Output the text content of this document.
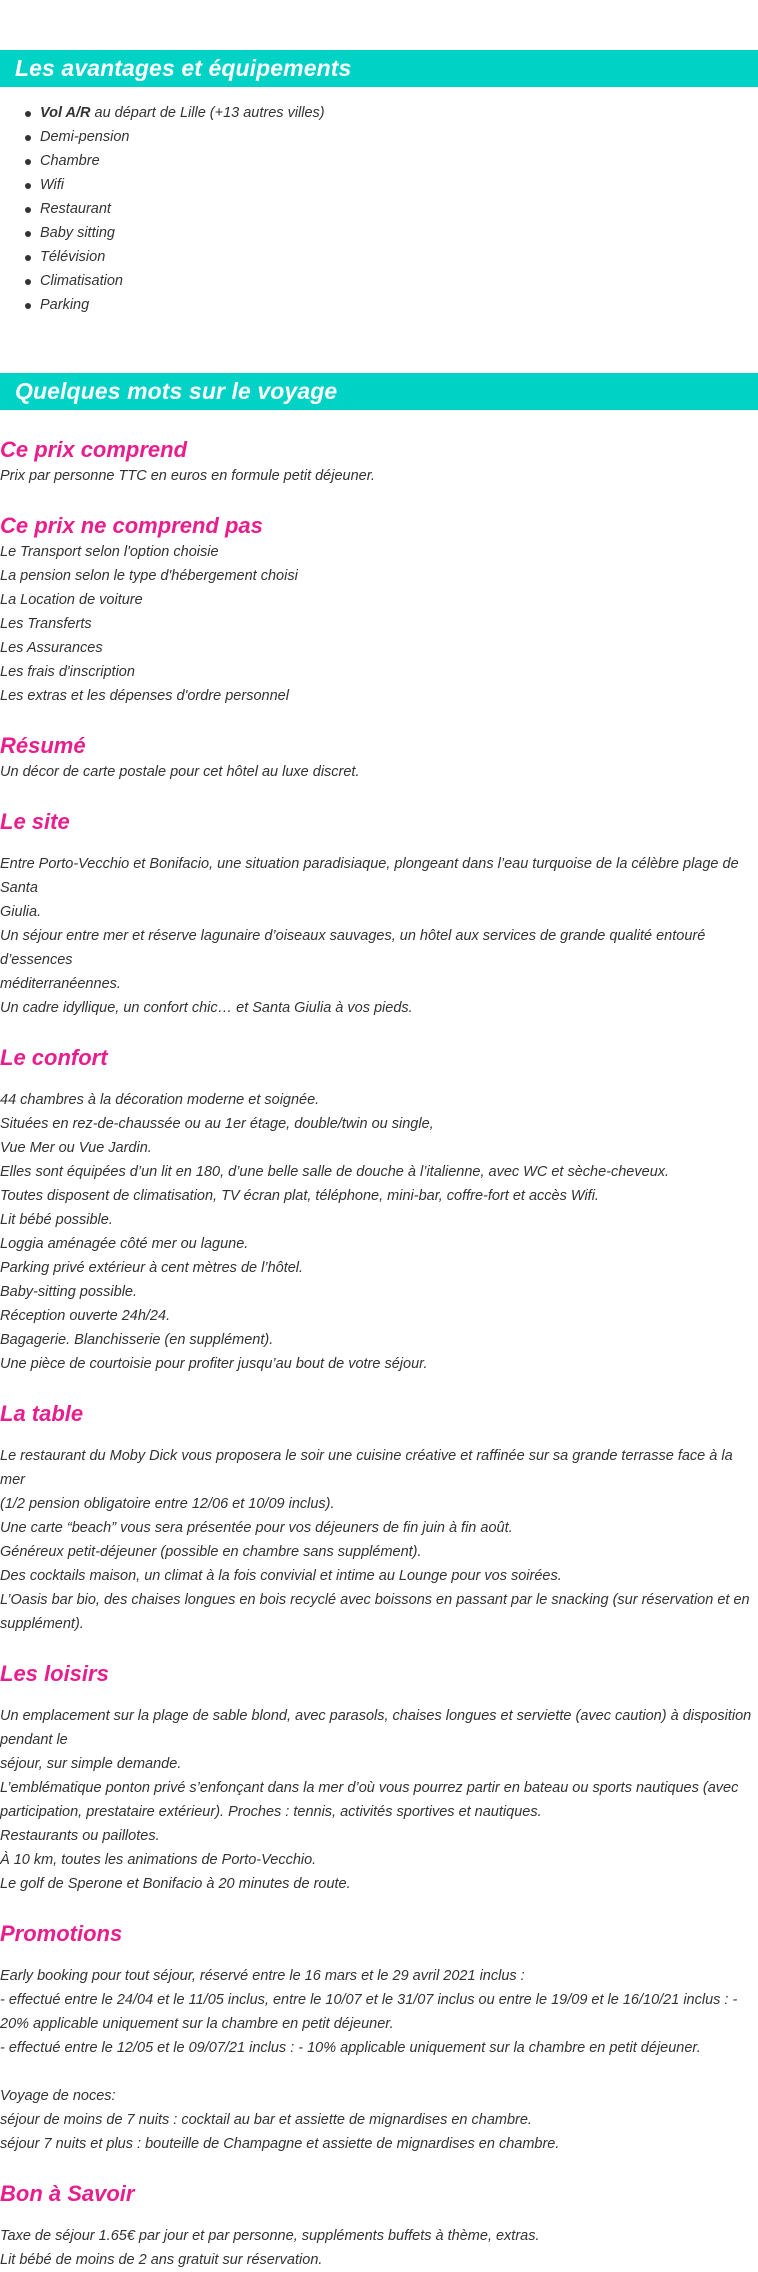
Les avantages et équipements
Vol A/R au départ de Lille (+13 autres villes)
Demi-pension
Chambre
Wifi
Restaurant
Baby sitting
Télévision
Climatisation
Parking
Quelques mots sur le voyage
Ce prix comprend
Prix par personne TTC en euros en formule petit déjeuner.
Ce prix ne comprend pas
Le Transport selon l'option choisie
La pension selon le type d'hébergement choisi
La Location de voiture
Les Transferts
Les Assurances
Les frais d'inscription
Les extras et les dépenses d'ordre personnel
Résumé
Un décor de carte postale pour cet hôtel au luxe discret.
Le site
Entre Porto-Vecchio et Bonifacio, une situation paradisiaque, plongeant dans l’eau turquoise de la célèbre plage de Santa
Giulia.
Un séjour entre mer et réserve lagunaire d’oiseaux sauvages, un hôtel aux services de grande qualité entouré d’essences
méditerranéennes.
Un cadre idyllique, un confort chic… et Santa Giulia à vos pieds.
Le confort
44 chambres à la décoration moderne et soignée.
Situées en rez-de-chaussée ou au 1er étage, double/twin ou single,
Vue Mer ou Vue Jardin.
Elles sont équipées d’un lit en 180, d’une belle salle de douche à l’italienne, avec WC et sèche-cheveux.
Toutes disposent de climatisation, TV écran plat, téléphone, mini-bar, coffre-fort et accès Wifi.
Lit bébé possible.
Loggia aménagée côté mer ou lagune.
Parking privé extérieur à cent mètres de l’hôtel.
Baby-sitting possible.
Réception ouverte 24h/24.
Bagagerie. Blanchisserie (en supplément).
Une pièce de courtoisie pour profiter jusqu’au bout de votre séjour.
La table
Le restaurant du Moby Dick vous proposera le soir une cuisine créative et raffinée sur sa grande terrasse face à la mer
(1/2 pension obligatoire entre 12/06 et 10/09 inclus).
Une carte “beach” vous sera présentée pour vos déjeuners de fin juin à fin août.
Généreux petit-déjeuner (possible en chambre sans supplément).
Des cocktails maison, un climat à la fois convivial et intime au Lounge pour vos soirées.
L’Oasis bar bio, des chaises longues en bois recyclé avec boissons en passant par le snacking (sur réservation et en
supplément).
Les loisirs
Un emplacement sur la plage de sable blond, avec parasols, chaises longues et serviette (avec caution) à disposition
pendant le
séjour, sur simple demande.
L’emblématique ponton privé s’enfonçant dans la mer d’où vous pourrez partir en bateau ou sports nautiques (avec
participation, prestataire extérieur). Proches : tennis, activités sportives et nautiques.
Restaurants ou paillotes.
À 10 km, toutes les animations de Porto-Vecchio.
Le golf de Sperone et Bonifacio à 20 minutes de route.
Promotions
Early booking pour tout séjour, réservé entre le 16 mars et le 29 avril 2021 inclus :
- effectué entre le 24/04 et le 11/05 inclus, entre le 10/07 et le 31/07 inclus ou entre le 19/09 et le 16/10/21 inclus : -
20% applicable uniquement sur la chambre en petit déjeuner.
- effectué entre le 12/05 et le 09/07/21 inclus : - 10% applicable uniquement sur la chambre en petit déjeuner.
Voyage de noces:
séjour de moins de 7 nuits : cocktail au bar et assiette de mignardises en chambre.
séjour 7 nuits et plus : bouteille de Champagne et assiette de mignardises en chambre.
Bon à Savoir
Taxe de séjour 1.65€ par jour et par personne, suppléments buffets à thème, extras.
Lit bébé de moins de 2 ans gratuit sur réservation.
